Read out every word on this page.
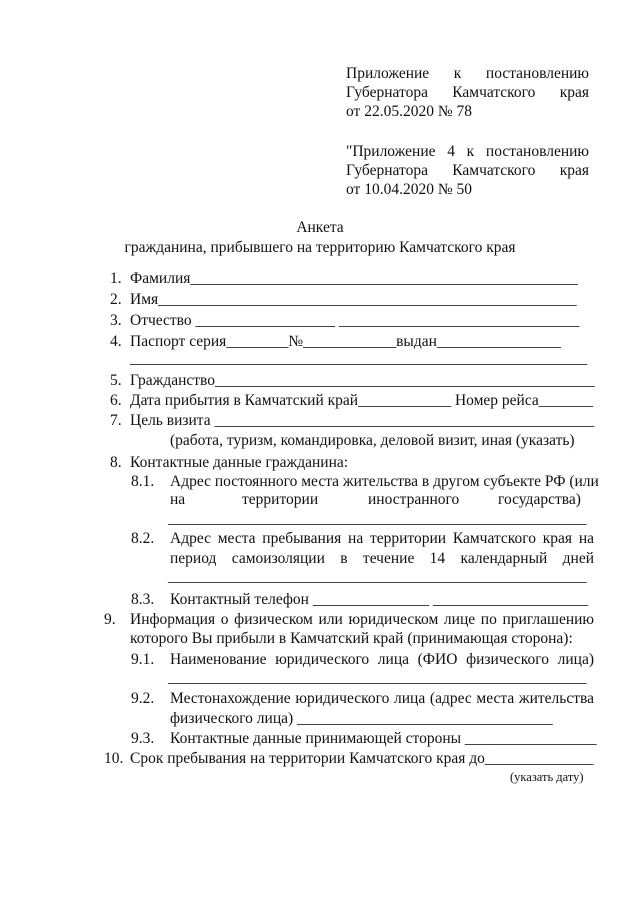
Приложение к постановлению
Губернатора Камчатского края
от 22.05.2020 № 78
"Приложение 4 к постановлению
Губернатора Камчатского края
от 10.04.2020 № 50
Анкета
гражданина, прибывшего на территорию Камчатского края
1. Фамилия__________________________________________________
2. Имя______________________________________________________
3. Отчество __________________ _______________________________
4. Паспорт серия________№____________выдан________________
___________________________________________________________
5. Гражданство_________________________________________________
6. Дата прибытия в Камчатский край____________ Номер рейса_______
7. Цель визита _________________________________________________
(работа, туризм, командировка, деловой визит, иная (указать)
8. Контактные данные гражданина:
8.1. Адрес постоянного места жительства в другом субъекте РФ (или
на	территории	иностранного государства)
______________________________________________________
8.2. Адрес места пребывания на территории Камчатского края на
период самоизоляции в течение 14 календарный дней
______________________________________________________
8.3. Контактный телефон _______________ ____________________
9. Информация о физическом или юридическом лице по приглашению
которого Вы прибыли в Камчатский край (принимающая сторона):
9.1. Наименование юридического лица (ФИО физического лица)
______________________________________________________
9.2. Местонахождение юридического лица (адрес места жительства
физического лица) _________________________________
9.3. Контактные данные принимающей стороны _________________
10. Срок пребывания на территории Камчатского края до______________
(указать дату)
